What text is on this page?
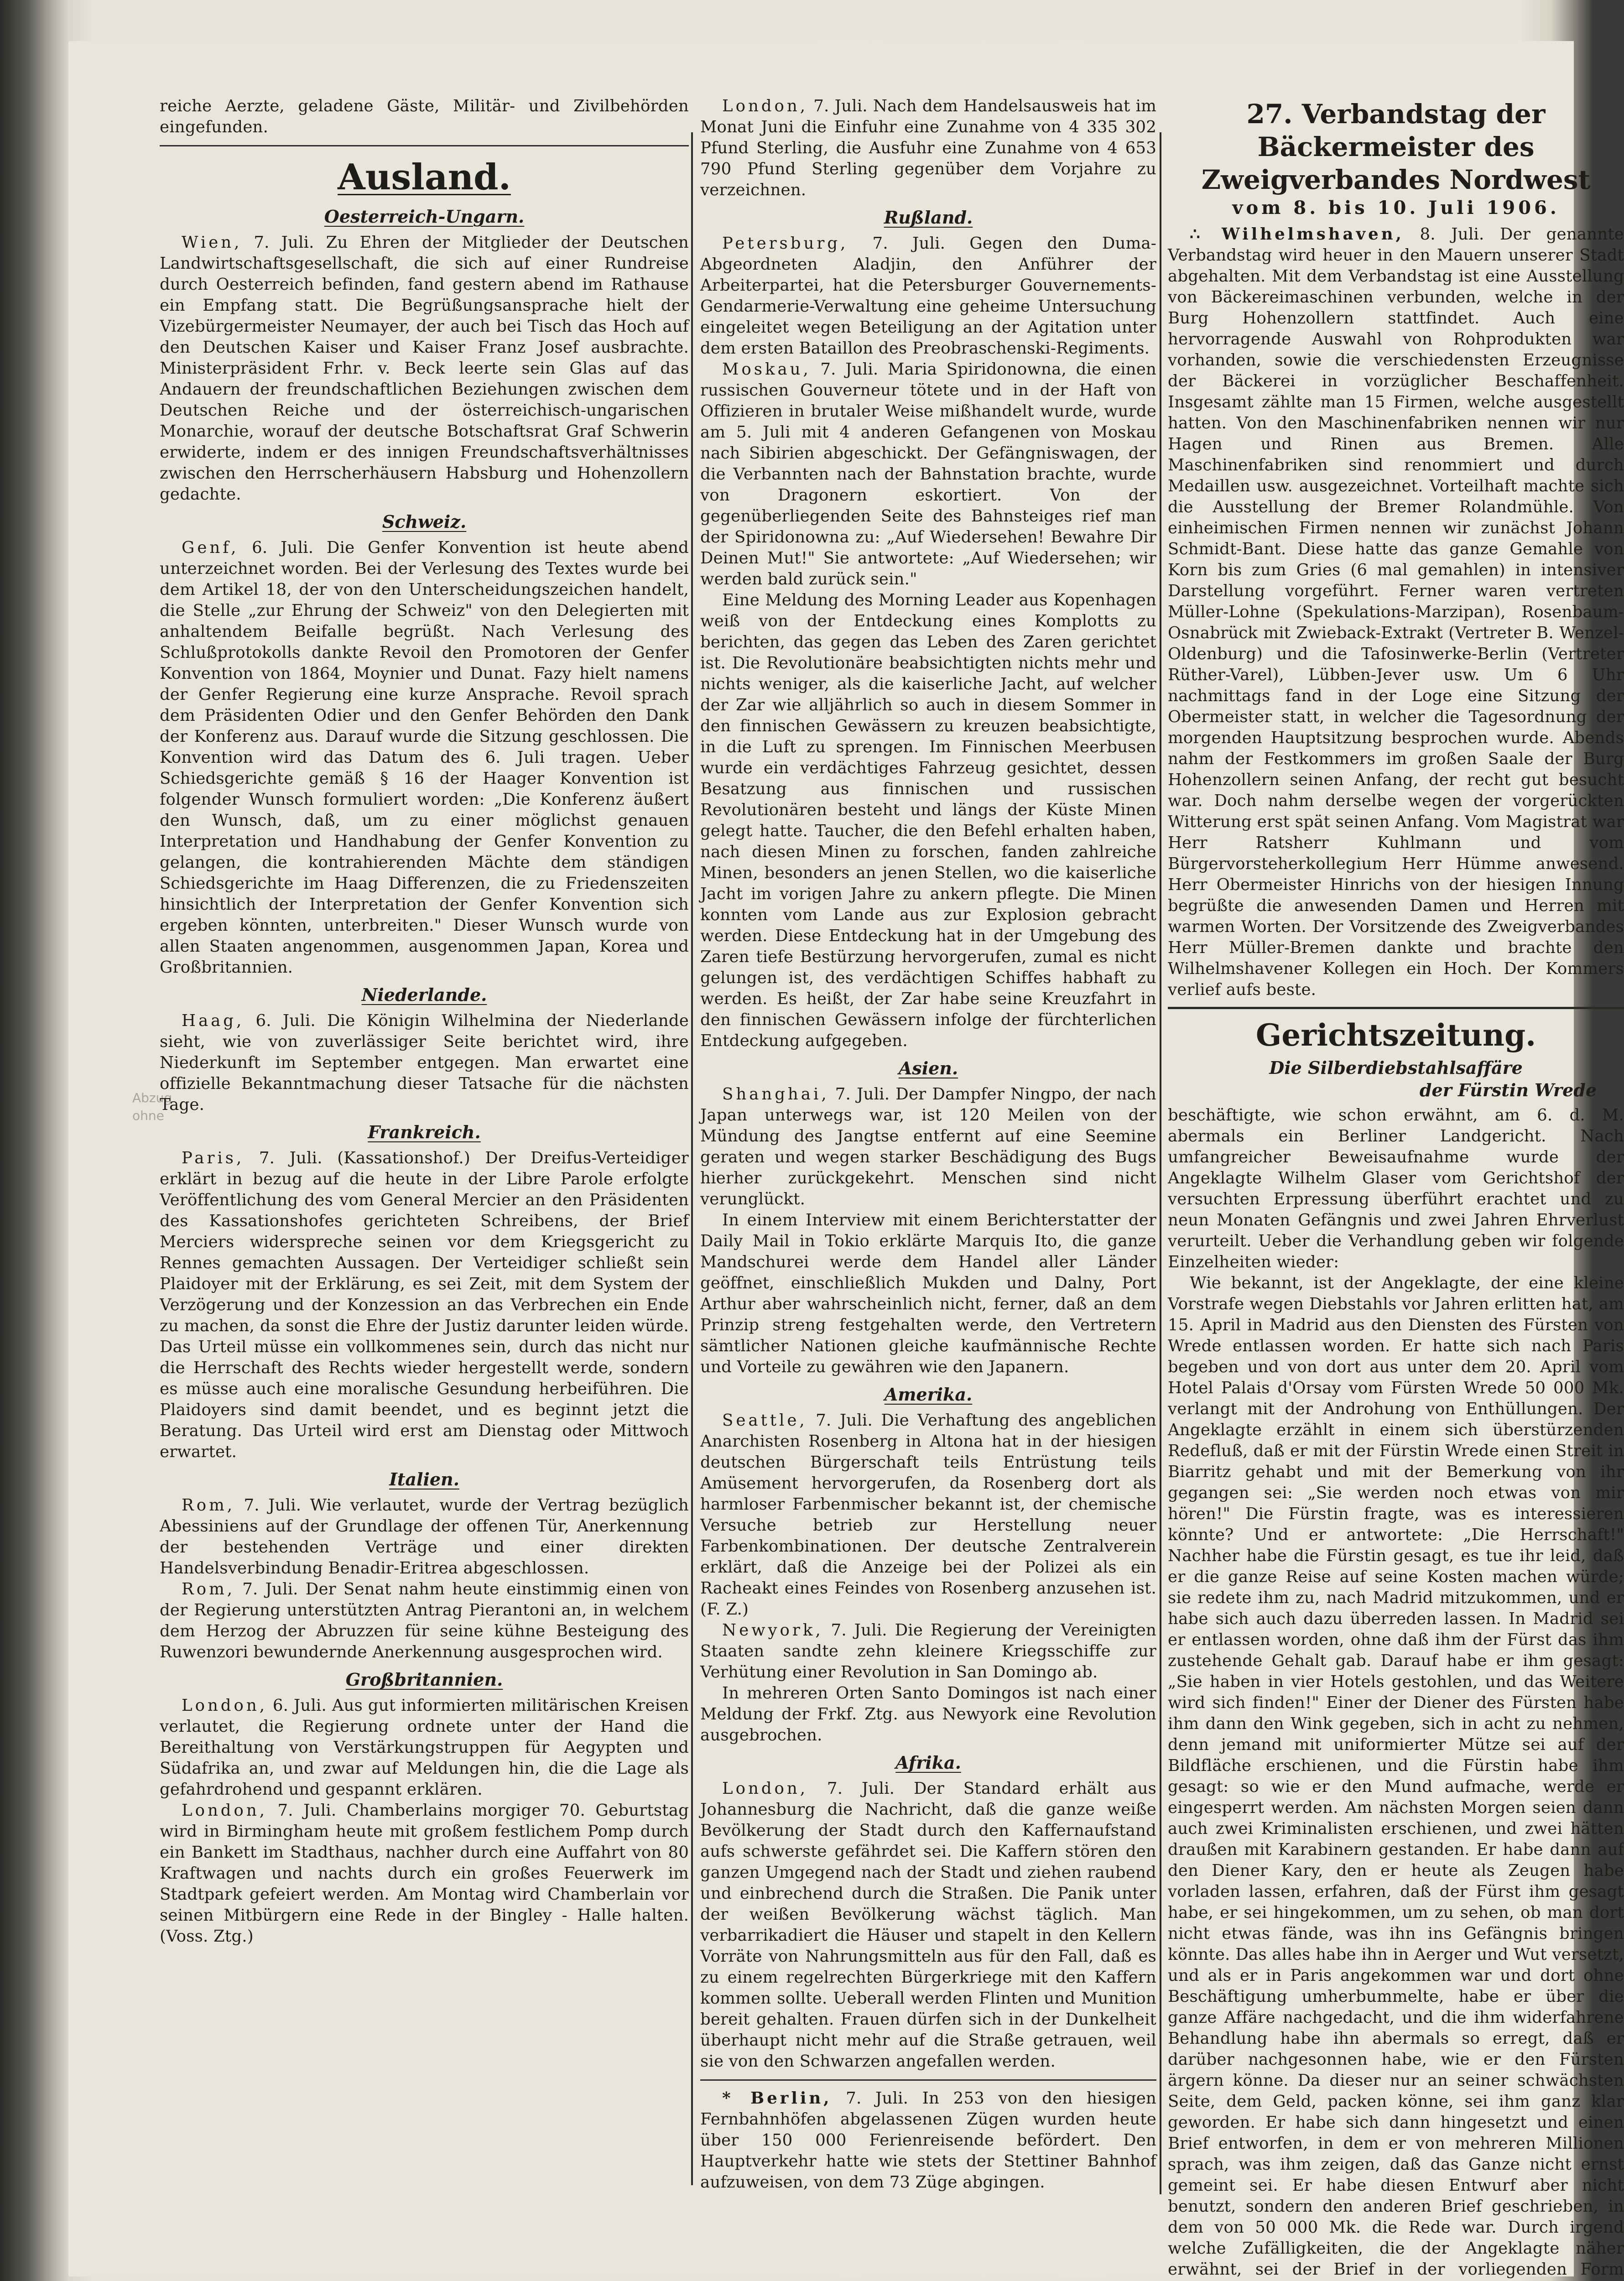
Abzug
ohne

reiche Aerzte, geladene Gäste, Militär- und Zivilbehörden eingefunden.

Ausland.
Oesterreich-Ungarn.

Wien, 7. Juli. Zu Ehren der Mitglieder der Deutschen Landwirtschaftsgesellschaft, die sich auf einer Rundreise durch Oesterreich befinden, fand gestern abend im Rathause ein Empfang statt. Die Begrüßungsansprache hielt der Vizebürgermeister Neumayer, der auch bei Tisch das Hoch auf den Deutschen Kaiser und Kaiser Franz Josef ausbrachte. Ministerpräsident Frhr. v. Beck leerte sein Glas auf das Andauern der freundschaftlichen Beziehungen zwischen dem Deutschen Reiche und der österreichisch-ungarischen Monarchie, worauf der deutsche Botschaftsrat Graf Schwerin erwiderte, indem er des innigen Freundschaftsverhältnisses zwischen den Herrscherhäusern Habsburg und Hohenzollern gedachte.

Schweiz.

Genf, 6. Juli. Die Genfer Konvention ist heute abend unterzeichnet worden. Bei der Verlesung des Textes wurde bei dem Artikel 18, der von den Unterscheidungszeichen handelt, die Stelle „zur Ehrung der Schweiz" von den Delegierten mit anhaltendem Beifalle begrüßt. Nach Verlesung des Schlußprotokolls dankte Revoil den Promotoren der Genfer Konvention von 1864, Moynier und Dunat. Fazy hielt namens der Genfer Regierung eine kurze Ansprache. Revoil sprach dem Präsidenten Odier und den Genfer Behörden den Dank der Konferenz aus. Darauf wurde die Sitzung geschlossen. Die Konvention wird das Datum des 6. Juli tragen. Ueber Schiedsgerichte gemäß § 16 der Haager Konvention ist folgender Wunsch formuliert worden: „Die Konferenz äußert den Wunsch, daß, um zu einer möglichst genauen Interpretation und Handhabung der Genfer Konvention zu gelangen, die kontrahierenden Mächte dem ständigen Schiedsgerichte im Haag Differenzen, die zu Friedenszeiten hinsichtlich der Interpretation der Genfer Konvention sich ergeben könnten, unterbreiten." Dieser Wunsch wurde von allen Staaten angenommen, ausgenommen Japan, Korea und Großbritannien.

Niederlande.

Haag, 6. Juli. Die Königin Wilhelmina der Niederlande sieht, wie von zuverlässiger Seite berichtet wird, ihre Niederkunft im September entgegen. Man erwartet eine offizielle Bekanntmachung dieser Tatsache für die nächsten Tage.

Frankreich.

Paris, 7. Juli. (Kassationshof.) Der Dreifus-Verteidiger erklärt in bezug auf die heute in der Libre Parole erfolgte Veröffentlichung des vom General Mercier an den Präsidenten des Kassationshofes gerichteten Schreibens, der Brief Merciers widerspreche seinen vor dem Kriegsgericht zu Rennes gemachten Aussagen. Der Verteidiger schließt sein Plaidoyer mit der Erklärung, es sei Zeit, mit dem System der Verzögerung und der Konzession an das Verbrechen ein Ende zu machen, da sonst die Ehre der Justiz darunter leiden würde. Das Urteil müsse ein vollkommenes sein, durch das nicht nur die Herrschaft des Rechts wieder hergestellt werde, sondern es müsse auch eine moralische Gesundung herbeiführen. Die Plaidoyers sind damit beendet, und es beginnt jetzt die Beratung. Das Urteil wird erst am Dienstag oder Mittwoch erwartet.

Italien.

Rom, 7. Juli. Wie verlautet, wurde der Vertrag bezüglich Abessiniens auf der Grundlage der offenen Tür, Anerkennung der bestehenden Verträge und einer direkten Handelsverbindung Benadir-Eritrea abgeschlossen.

Rom, 7. Juli. Der Senat nahm heute einstimmig einen von der Regierung unterstützten Antrag Pierantoni an, in welchem dem Herzog der Abruzzen für seine kühne Besteigung des Ruwenzori bewundernde Anerkennung ausgesprochen wird.

Großbritannien.

London, 6. Juli. Aus gut informierten militärischen Kreisen verlautet, die Regierung ordnete unter der Hand die Bereithaltung von Verstärkungstruppen für Aegypten und Südafrika an, und zwar auf Meldungen hin, die die Lage als gefahrdrohend und gespannt erklären.

London, 7. Juli. Chamberlains morgiger 70. Geburtstag wird in Birmingham heute mit großem festlichem Pomp durch ein Bankett im Stadthaus, nachher durch eine Auffahrt von 80 Kraftwagen und nachts durch ein großes Feuerwerk im Stadtpark gefeiert werden. Am Montag wird Chamberlain vor seinen Mitbürgern eine Rede in der Bingley - Halle halten. (Voss. Ztg.)

London, 7. Juli. Nach dem Handelsausweis hat im Monat Juni die Einfuhr eine Zunahme von 4 335 302 Pfund Sterling, die Ausfuhr eine Zunahme von 4 653 790 Pfund Sterling gegenüber dem Vorjahre zu verzeichnen.

Rußland.

Petersburg, 7. Juli. Gegen den Duma-Abgeordneten Aladjin, den Anführer der Arbeiterpartei, hat die Petersburger Gouvernements-Gendarmerie-Verwaltung eine geheime Untersuchung eingeleitet wegen Beteiligung an der Agitation unter dem ersten Bataillon des Preobraschenski-Regiments.

Moskau, 7. Juli. Maria Spiridonowna, die einen russischen Gouverneur tötete und in der Haft von Offizieren in brutaler Weise mißhandelt wurde, wurde am 5. Juli mit 4 anderen Gefangenen von Moskau nach Sibirien abgeschickt. Der Gefängniswagen, der die Verbannten nach der Bahnstation brachte, wurde von Dragonern eskortiert. Von der gegenüberliegenden Seite des Bahnsteiges rief man der Spiridonowna zu: „Auf Wiedersehen! Bewahre Dir Deinen Mut!" Sie antwortete: „Auf Wiedersehen; wir werden bald zurück sein."

Eine Meldung des Morning Leader aus Kopenhagen weiß von der Entdeckung eines Komplotts zu berichten, das gegen das Leben des Zaren gerichtet ist. Die Revolutionäre beabsichtigten nichts mehr und nichts weniger, als die kaiserliche Jacht, auf welcher der Zar wie alljährlich so auch in diesem Sommer in den finnischen Gewässern zu kreuzen beabsichtigte, in die Luft zu sprengen. Im Finnischen Meerbusen wurde ein verdächtiges Fahrzeug gesichtet, dessen Besatzung aus finnischen und russischen Revolutionären besteht und längs der Küste Minen gelegt hatte. Taucher, die den Befehl erhalten haben, nach diesen Minen zu forschen, fanden zahlreiche Minen, besonders an jenen Stellen, wo die kaiserliche Jacht im vorigen Jahre zu ankern pflegte. Die Minen konnten vom Lande aus zur Explosion gebracht werden. Diese Entdeckung hat in der Umgebung des Zaren tiefe Bestürzung hervorgerufen, zumal es nicht gelungen ist, des verdächtigen Schiffes habhaft zu werden. Es heißt, der Zar habe seine Kreuzfahrt in den finnischen Gewässern infolge der fürchterlichen Entdeckung aufgegeben.

Asien.

Shanghai, 7. Juli. Der Dampfer Ningpo, der nach Japan unterwegs war, ist 120 Meilen von der Mündung des Jangtse entfernt auf eine Seemine geraten und wegen starker Beschädigung des Bugs hierher zurückgekehrt. Menschen sind nicht verunglückt.

In einem Interview mit einem Berichterstatter der Daily Mail in Tokio erklärte Marquis Ito, die ganze Mandschurei werde dem Handel aller Länder geöffnet, einschließlich Mukden und Dalny, Port Arthur aber wahrscheinlich nicht, ferner, daß an dem Prinzip streng festgehalten werde, den Vertretern sämtlicher Nationen gleiche kaufmännische Rechte und Vorteile zu gewähren wie den Japanern.

Amerika.

Seattle, 7. Juli. Die Verhaftung des angeblichen Anarchisten Rosenberg in Altona hat in der hiesigen deutschen Bürgerschaft teils Entrüstung teils Amüsement hervorgerufen, da Rosenberg dort als harmloser Farbenmischer bekannt ist, der chemische Versuche betrieb zur Herstellung neuer Farbenkombinationen. Der deutsche Zentralverein erklärt, daß die Anzeige bei der Polizei als ein Racheakt eines Feindes von Rosenberg anzusehen ist. (F. Z.)

Newyork, 7. Juli. Die Regierung der Vereinigten Staaten sandte zehn kleinere Kriegsschiffe zur Verhütung einer Revolution in San Domingo ab.

In mehreren Orten Santo Domingos ist nach einer Meldung der Frkf. Ztg. aus Newyork eine Revolution ausgebrochen.

Afrika.

London, 7. Juli. Der Standard erhält aus Johannesburg die Nachricht, daß die ganze weiße Bevölkerung der Stadt durch den Kaffernaufstand aufs schwerste gefährdet sei. Die Kaffern stören den ganzen Umgegend nach der Stadt und ziehen raubend und einbrechend durch die Straßen. Die Panik unter der weißen Bevölkerung wächst täglich. Man verbarrikadiert die Häuser und stapelt in den Kellern Vorräte von Nahrungsmitteln aus für den Fall, daß es zu einem regelrechten Bürgerkriege mit den Kaffern kommen sollte. Ueberall werden Flinten und Munition bereit gehalten. Frauen dürfen sich in der Dunkelheit überhaupt nicht mehr auf die Straße getrauen, weil sie von den Schwarzen angefallen werden.

* Berlin, 7. Juli. In 253 von den hiesigen Fernbahnhöfen abgelassenen Zügen wurden heute über 150 000 Ferienreisende befördert. Den Hauptverkehr hatte wie stets der Stettiner Bahnhof aufzuweisen, von dem 73 Züge abgingen.

27. Verbandstag der Bäckermeister des Zweigverbandes Nordwest
vom 8. bis 10. Juli 1906.

∴ Wilhelmshaven, 8. Juli. Der genannte Verbandstag wird heuer in den Mauern unserer Stadt abgehalten. Mit dem Verbandstag ist eine Ausstellung von Bäckereimaschinen verbunden, welche in der Burg Hohenzollern stattfindet. Auch eine hervorragende Auswahl von Rohprodukten war vorhanden, sowie die verschiedensten Erzeugnisse der Bäckerei in vorzüglicher Beschaffenheit. Insgesamt zählte man 15 Firmen, welche ausgestellt hatten. Von den Maschinenfabriken nennen wir nur Hagen und Rinen aus Bremen. Alle Maschinenfabriken sind renommiert und durch Medaillen usw. ausgezeichnet. Vorteilhaft machte sich die Ausstellung der Bremer Rolandmühle. Von einheimischen Firmen nennen wir zunächst Johann Schmidt-Bant. Diese hatte das ganze Gemahle von Korn bis zum Gries (6 mal gemahlen) in intensiver Darstellung vorgeführt. Ferner waren vertreten Müller-Lohne (Spekulations-Marzipan), Rosenbaum-Osnabrück mit Zwieback-Extrakt (Vertreter B. Wenzel-Oldenburg) und die Tafosinwerke-Berlin (Vertreter Rüther-Varel), Lübben-Jever usw. Um 6 Uhr nachmittags fand in der Loge eine Sitzung der Obermeister statt, in welcher die Tagesordnung der morgenden Hauptsitzung besprochen wurde. Abends nahm der Festkommers im großen Saale der Burg Hohenzollern seinen Anfang, der recht gut besucht war. Doch nahm derselbe wegen der vorgerückten Witterung erst spät seinen Anfang. Vom Magistrat war Herr Ratsherr Kuhlmann und vom Bürgervorsteherkollegium Herr Hümme anwesend. Herr Obermeister Hinrichs von der hiesigen Innung begrüßte die anwesenden Damen und Herren mit warmen Worten. Der Vorsitzende des Zweigverbandes Herr Müller-Bremen dankte und brachte den Wilhelmshavener Kollegen ein Hoch. Der Kommers verlief aufs beste.

Gerichtszeitung.
Die Silberdiebstahlsaffäre
der Fürstin Wrede

beschäftigte, wie schon erwähnt, am 6. d. M. abermals ein Berliner Landgericht. Nach umfangreicher Beweisaufnahme wurde der Angeklagte Wilhelm Glaser vom Gerichtshof der versuchten Erpressung überführt erachtet und zu neun Monaten Gefängnis und zwei Jahren Ehrverlust verurteilt. Ueber die Verhandlung geben wir folgende Einzelheiten wieder:

Wie bekannt, ist der Angeklagte, der eine kleine Vorstrafe wegen Diebstahls vor Jahren erlitten hat, am 15. April in Madrid aus den Diensten des Fürsten von Wrede entlassen worden. Er hatte sich nach Paris begeben und von dort aus unter dem 20. April vom Hotel Palais d'Orsay vom Fürsten Wrede 50 000 Mk. verlangt mit der Androhung von Enthüllungen. Der Angeklagte erzählt in einem sich überstürzenden Redefluß, daß er mit der Fürstin Wrede einen Streit in Biarritz gehabt und mit der Bemerkung von ihr gegangen sei: „Sie werden noch etwas von mir hören!" Die Fürstin fragte, was es interessieren könnte? Und er antwortete: „Die Herrschaft!" Nachher habe die Fürstin gesagt, es tue ihr leid, daß er die ganze Reise auf seine Kosten machen würde; sie redete ihm zu, nach Madrid mitzukommen, und er habe sich auch dazu überreden lassen. In Madrid sei er entlassen worden, ohne daß ihm der Fürst das ihm zustehende Gehalt gab. Darauf habe er ihm gesagt: „Sie haben in vier Hotels gestohlen, und das Weitere wird sich finden!" Einer der Diener des Fürsten habe ihm dann den Wink gegeben, sich in acht zu nehmen, denn jemand mit uniformierter Mütze sei auf der Bildfläche erschienen, und die Fürstin habe ihm gesagt: so wie er den Mund aufmache, werde er eingesperrt werden. Am nächsten Morgen seien dann auch zwei Kriminalisten erschienen, und zwei hätten draußen mit Karabinern gestanden. Er habe dann auf den Diener Kary, den er heute als Zeugen habe vorladen lassen, erfahren, daß der Fürst ihm gesagt habe, er sei hingekommen, um zu sehen, ob man dort nicht etwas fände, was ihn ins Gefängnis bringen könnte. Das alles habe ihn in Aerger und Wut versetzt, und als er in Paris angekommen war und dort ohne Beschäftigung umherbummelte, habe er über die ganze Affäre nachgedacht, und die ihm widerfahrene Behandlung habe ihn abermals so erregt, daß er darüber nachgesonnen habe, wie er den Fürsten ärgern könne. Da dieser nur an seiner schwächsten Seite, dem Geld, packen könne, sei ihm ganz klar geworden. Er habe sich dann hingesetzt und einen Brief entworfen, in dem er von mehreren Millionen sprach, was ihm zeigen, daß das Ganze nicht ernst gemeint sei. Er habe diesen Entwurf aber nicht benutzt, sondern den anderen Brief geschrieben, in dem von 50 000 Mk. die Rede war. Durch irgend welche Zufälligkeiten, die der Angeklagte näher erwähnt, sei der Brief in der vorliegenden Form
